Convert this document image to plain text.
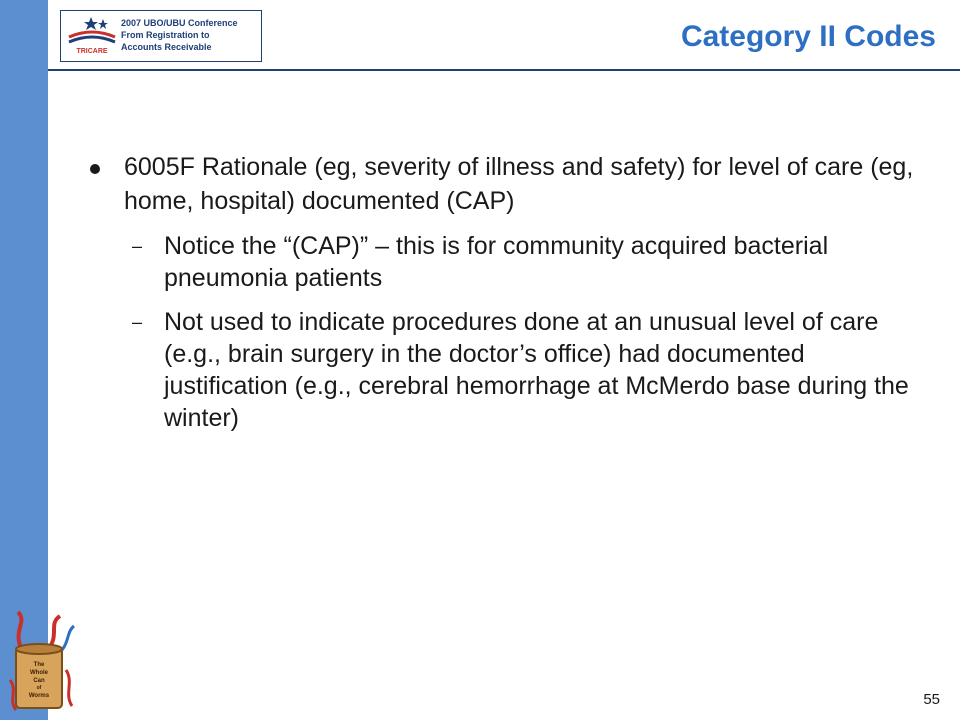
TRICARE
2007 UBO/UBU Conference
From Registration to
Accounts Receivable	Category II Codes
6005F Rationale (eg, severity of illness and safety) for level of care (eg, home, hospital) documented (CAP)
– Notice the “(CAP)” – this is for community acquired bacterial pneumonia patients
– Not used to indicate procedures done at an unusual level of care (e.g., brain surgery in the doctor’s office) had documented justification (e.g., cerebral hemorrhage at McMerdo base during the winter)
The
Whole
Can
of
Worms	55
